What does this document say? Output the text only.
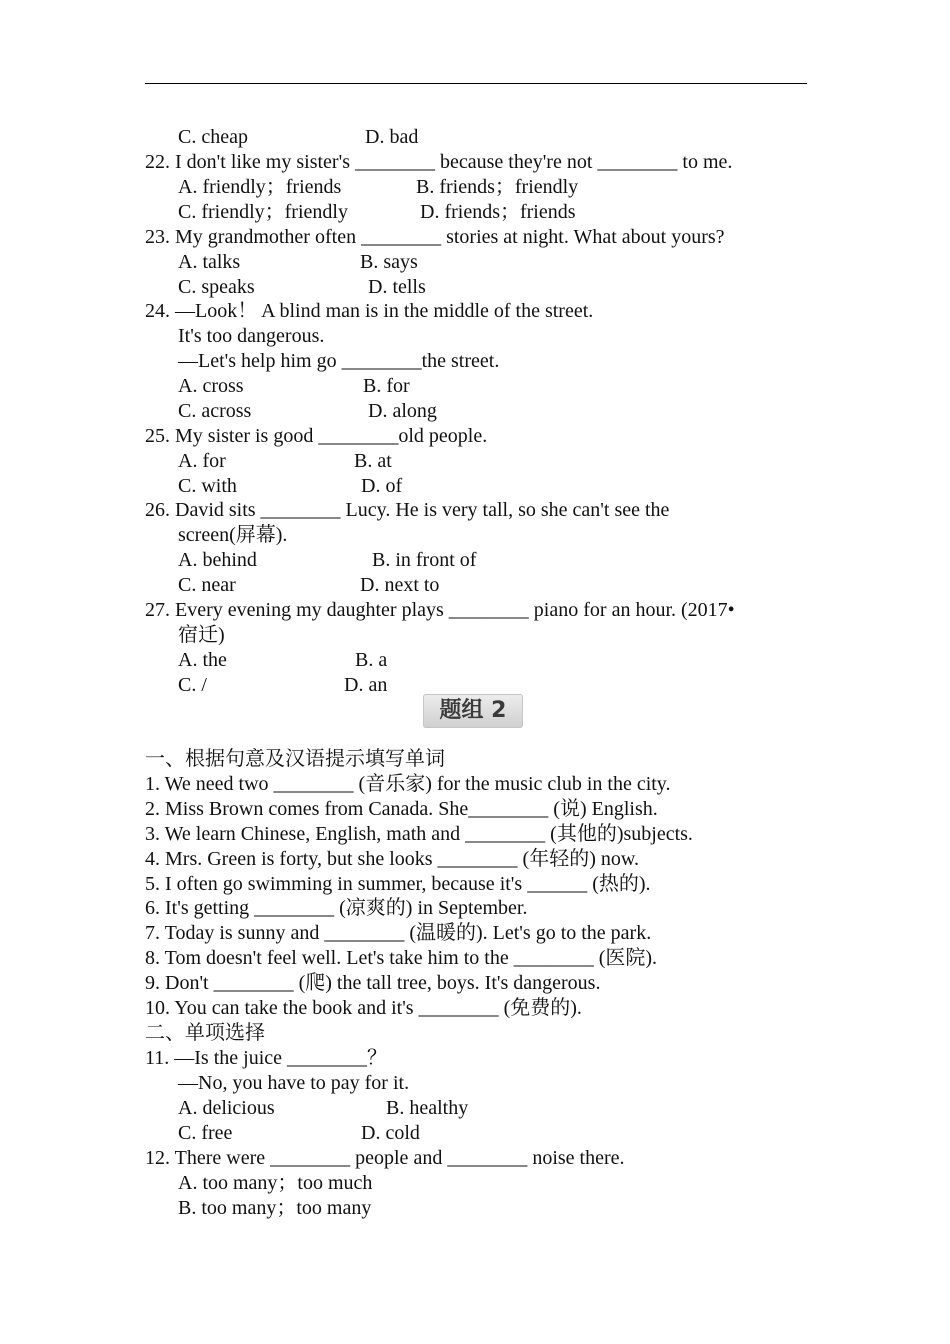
C. cheap	D. bad
22. I don't like my sister's ________ because they're not ________ to me.
A. friendly；friends	B. friends；friendly
C. friendly；friendly	D. friends；friends
23. My grandmother often ________ stories at night. What about yours?
A. talks	B. says
C. speaks	D. tells
24. —Look！ A blind man is in the middle of the street.
It's too dangerous.
—Let's help him go ________the street.
A. cross	B. for
C. across	D. along
25. My sister is good ________old people.
A. for	B. at
C. with	D. of
26. David sits ________ Lucy. He is very tall, so she can't see the
screen(屏幕).
A. behind	B. in front of
C. near	D. next to
27. Every evening my daughter plays ________ piano for an hour. (2017•
宿迁)
A. the	B. a
C. /	D. an
题组 2
一、根据句意及汉语提示填写单词
1. We need two ________ (音乐家) for the music club in the city.
2. Miss Brown comes from Canada. She________ (说) English.
3. We learn Chinese, English, math and ________ (其他的)subjects.
4. Mrs. Green is forty, but she looks ________ (年轻的) now.
5. I often go swimming in summer, because it's ______ (热的).
6. It's getting ________ (凉爽的) in September.
7. Today is sunny and ________ (温暖的). Let's go to the park.
8. Tom doesn't feel well. Let's take him to the ________ (医院).
9. Don't ________ (爬) the tall tree, boys. It's dangerous.
10. You can take the book and it's ________ (免费的).
二、单项选择
11. —Is the juice ________？
—No, you have to pay for it.
A. delicious	B. healthy
C. free	D. cold
12. There were ________ people and ________ noise there.
A. too many；too much
B. too many；too many
